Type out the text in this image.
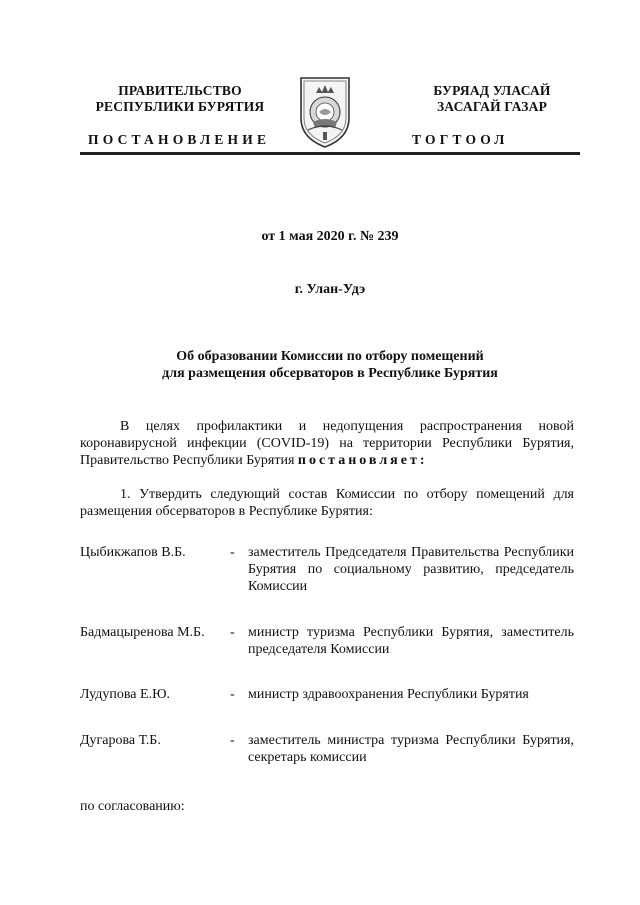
ПРАВИТЕЛЬСТВО
РЕСПУБЛИКИ БУРЯТИЯ
БУРЯАД УЛАСАЙ
ЗАСАГАЙ ГАЗАР
ПОСТАНОВЛЕНИЕ	ТОГТООЛ
от 1 мая 2020 г. № 239
г. Улан-Удэ
Об образовании Комиссии по отбору помещений
для размещения обсерваторов в Республике Бурятия
В целях профилактики и недопущения распространения новой коронавирусной инфекции (COVID-19) на территории Республики Бурятия, Правительство Республики Бурятия постановляет:
1. Утвердить следующий состав Комиссии по отбору помещений для размещения обсерваторов в Республике Бурятия:
Цыбикжапов В.Б.	- заместитель Председателя Правительства Республики Бурятия по социальному развитию, председатель Комиссии
Бадмацыренова М.Б. - министр туризма Республики Бурятия, заместитель председателя Комиссии
Лудупова Е.Ю.	- министр здравоохранения Республики Бурятия
Дугарова Т.Б.	- заместитель министра туризма Республики Бурятия, секретарь комиссии
по согласованию:
